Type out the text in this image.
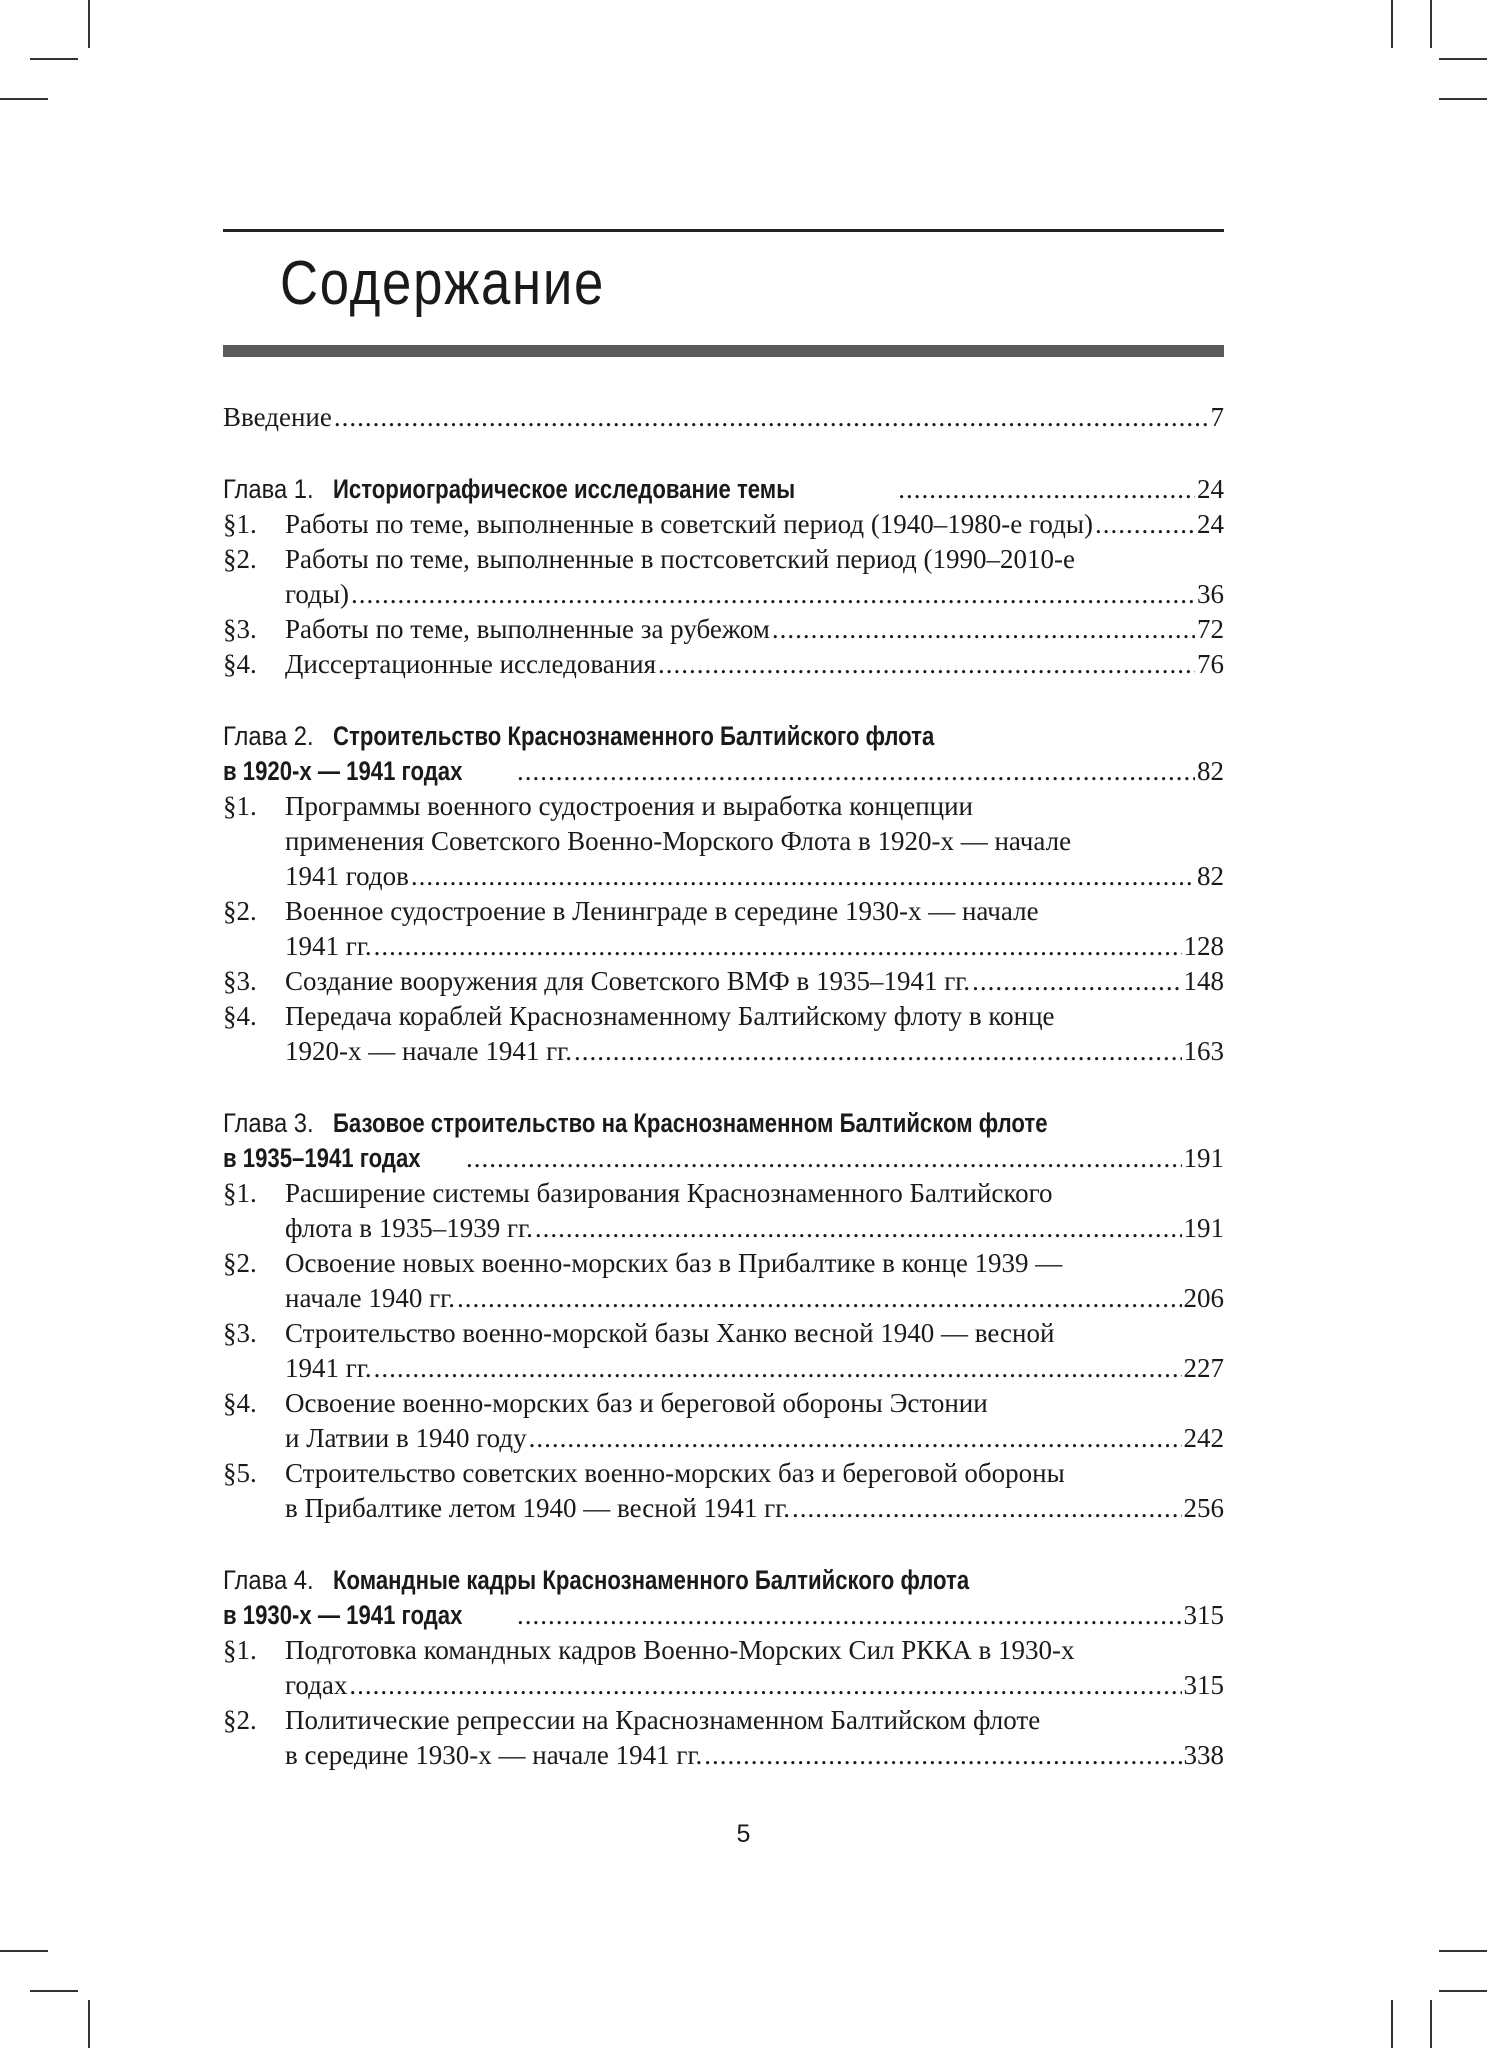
Содержание
Введение .....	7
Глава 1.
Историографическое исследование темы .....	24
§1.	Работы по теме, выполненные в советский период (1940–1980-е годы) .....	24
§2.	Работы по теме, выполненные в постсоветский период (1990–2010-е
годы) .....	36
§3.	Работы по теме, выполненные за рубежом .....	72
§4.	Диссертационные исследования .....	76
Глава 2.
Строительство Краснознаменного Балтийского флота
в 1920-х — 1941 годах .....	82
§1.	Программы военного судостроения и выработка концепции
применения Советского Военно-Морского Флота в 1920-х — начале
1941 годов .....	82
§2.	Военное судостроение в Ленинграде в середине 1930-х — начале
1941 гг. .....	128
§3.	Создание вооружения для Советского ВМФ в 1935–1941 гг. .....	148
§4.	Передача кораблей Краснознаменному Балтийскому флоту в конце
1920-х — начале 1941 гг. .....	163
Глава 3.
Базовое строительство на Краснознаменном Балтийском флоте
в 1935–1941 годах .....	191
§1.	Расширение системы базирования Краснознаменного Балтийского
флота в 1935–1939 гг. .....	191
§2.	Освоение новых военно-морских баз в Прибалтике в конце 1939 —
начале 1940 гг. .....	206
§3.	Строительство военно-морской базы Ханко весной 1940 — весной
1941 гг. .....	227
§4.	Освоение военно-морских баз и береговой обороны Эстонии
и Латвии в 1940 году .....	242
§5.	Строительство советских военно-морских баз и береговой обороны
в Прибалтике летом 1940 — весной 1941 гг. .....	256
Глава 4.
Командные кадры Краснознаменного Балтийского флота
в 1930-х — 1941 годах .....	315
§1.	Подготовка командных кадров Военно-Морских Сил РККА в 1930-х
годах .....	315
§2.	Политические репрессии на Краснознаменном Балтийском флоте
в середине 1930-х — начале 1941 гг. .....	338
5
